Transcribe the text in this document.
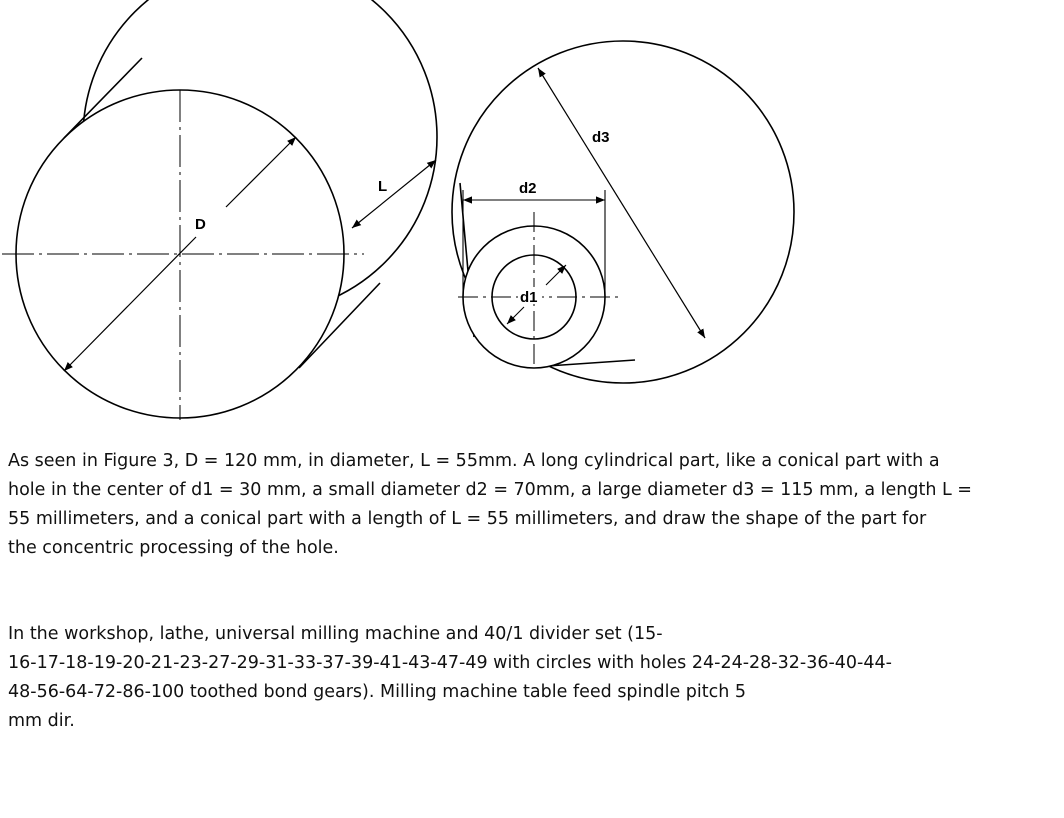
D
L
d1
d2
d3

As seen in Figure 3, D = 120 mm, in diameter, L = 55mm. A long cylindrical part, like a conical part with a
hole in the center of d1 = 30 mm, a small diameter d2 = 70mm, a large diameter d3 = 115 mm, a length L =
55 millimeters, and a conical part with a length of L = 55 millimeters, and draw the shape of the part for
the concentric processing of the hole.

In the workshop, lathe, universal milling machine and 40/1 divider set (15-
16-17-18-19-20-21-23-27-29-31-33-37-39-41-43-47-49 with circles with holes 24-24-28-32-36-40-44-
48-56-64-72-86-100 toothed bond gears). Milling machine table feed spindle pitch 5
mm dir.
